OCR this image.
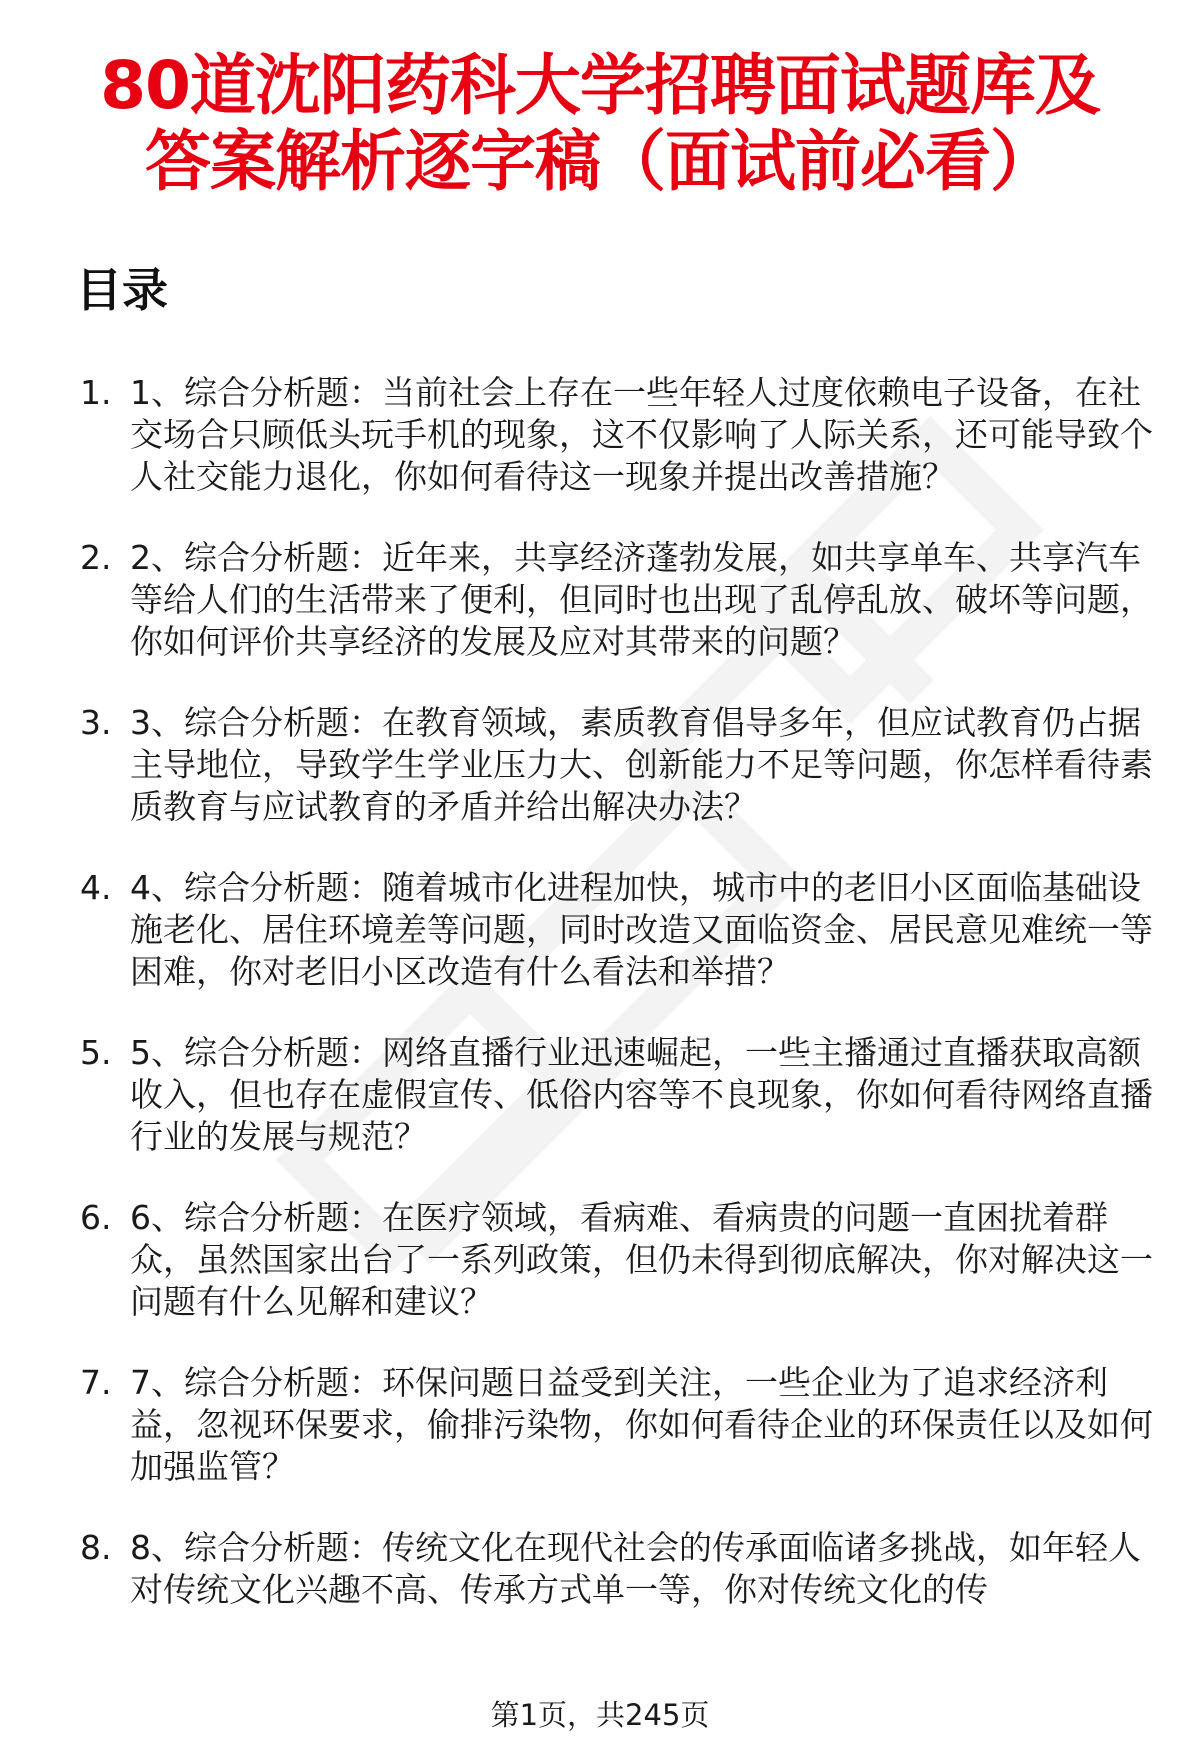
80道沈阳药科大学招聘面试题库及
答案解析逐字稿（面试前必看）
目录
1. 1、综合分析题：当前社会上存在一些年轻人过度依赖电子设备，在社交场合只顾低头玩手机的现象，这不仅影响了人际关系，还可能导致个人社交能力退化，你如何看待这一现象并提出改善措施？
2. 2、综合分析题：近年来，共享经济蓬勃发展，如共享单车、共享汽车等给人们的生活带来了便利，但同时也出现了乱停乱放、破坏等问题，你如何评价共享经济的发展及应对其带来的问题？
3. 3、综合分析题：在教育领域，素质教育倡导多年，但应试教育仍占据主导地位，导致学生学业压力大、创新能力不足等问题，你怎样看待素质教育与应试教育的矛盾并给出解决办法？
4. 4、综合分析题：随着城市化进程加快，城市中的老旧小区面临基础设施老化、居住环境差等问题，同时改造又面临资金、居民意见难统一等困难，你对老旧小区改造有什么看法和举措？
5. 5、综合分析题：网络直播行业迅速崛起，一些主播通过直播获取高额收入，但也存在虚假宣传、低俗内容等不良现象，你如何看待网络直播行业的发展与规范？
6. 6、综合分析题：在医疗领域，看病难、看病贵的问题一直困扰着群众，虽然国家出台了一系列政策，但仍未得到彻底解决，你对解决这一问题有什么见解和建议？
7. 7、综合分析题：环保问题日益受到关注，一些企业为了追求经济利益，忽视环保要求，偷排污染物，你如何看待企业的环保责任以及如何加强监管？
8. 8、综合分析题：传统文化在现代社会的传承面临诸多挑战，如年轻人对传统文化兴趣不高、传承方式单一等，你对传统文化的传
第1页，共245页
